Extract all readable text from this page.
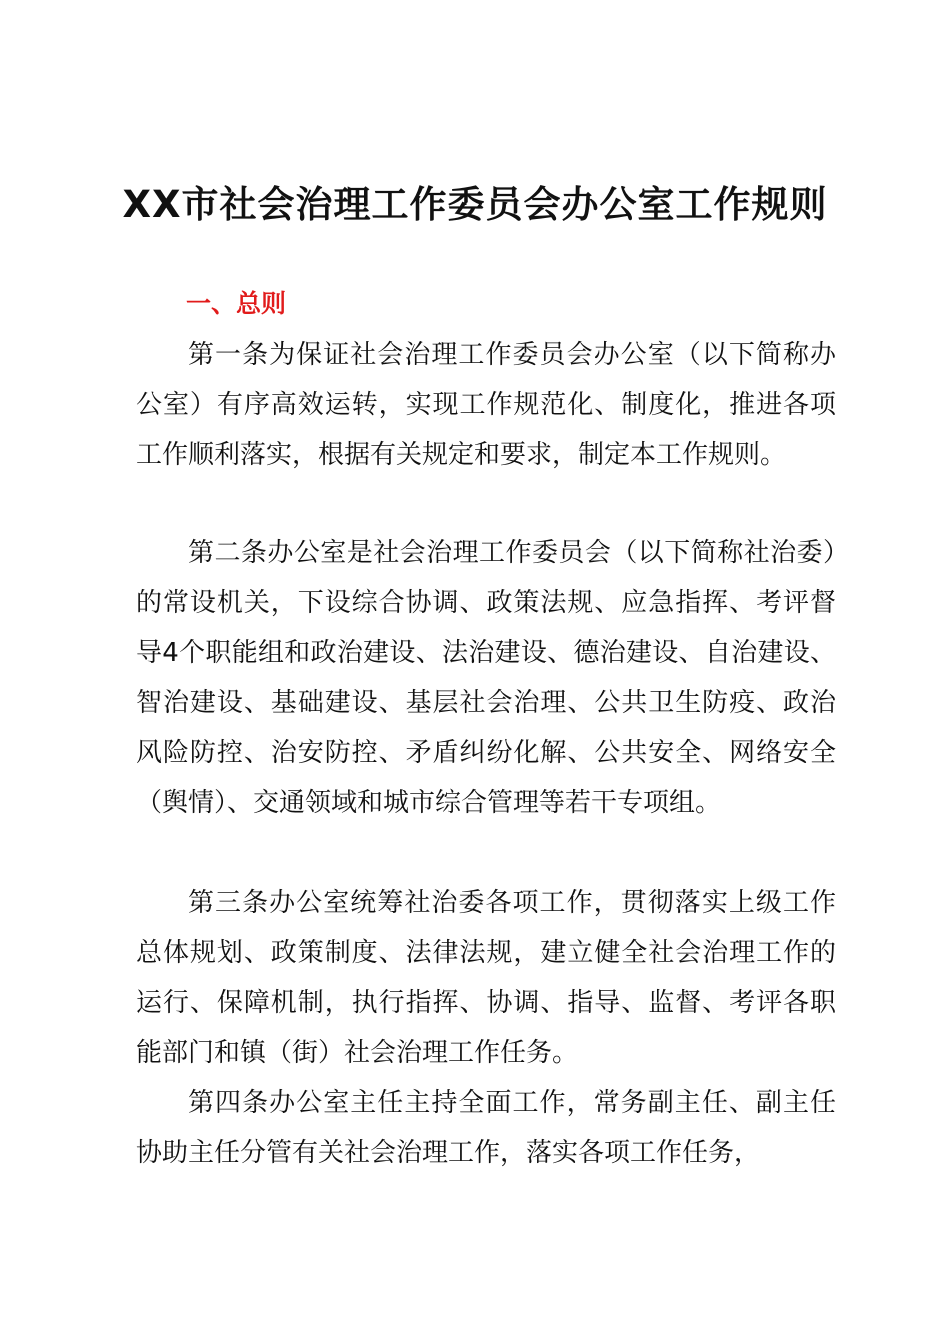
XX市社会治理工作委员会办公室工作规则
一、总则

第一条为保证社会治理工作委员会办公室（以下简称办公室）有序高效运转，实现工作规范化、制度化，推进各项工作顺利落实，根据有关规定和要求，制定本工作规则。

第二条办公室是社会治理工作委员会（以下简称社治委）的常设机关，下设综合协调、政策法规、应急指挥、考评督导4个职能组和政治建设、法治建设、德治建设、自治建设、智治建设、基础建设、基层社会治理、公共卫生防疫、政治风险防控、治安防控、矛盾纠纷化解、公共安全、网络安全（舆情）、交通领域和城市综合管理等若干专项组。

第三条办公室统筹社治委各项工作，贯彻落实上级工作总体规划、政策制度、法律法规，建立健全社会治理工作的运行、保障机制，执行指挥、协调、指导、监督、考评各职能部门和镇（街）社会治理工作任务。

第四条办公室主任主持全面工作，常务副主任、副主任协助主任分管有关社会治理工作，落实各项工作任务，
